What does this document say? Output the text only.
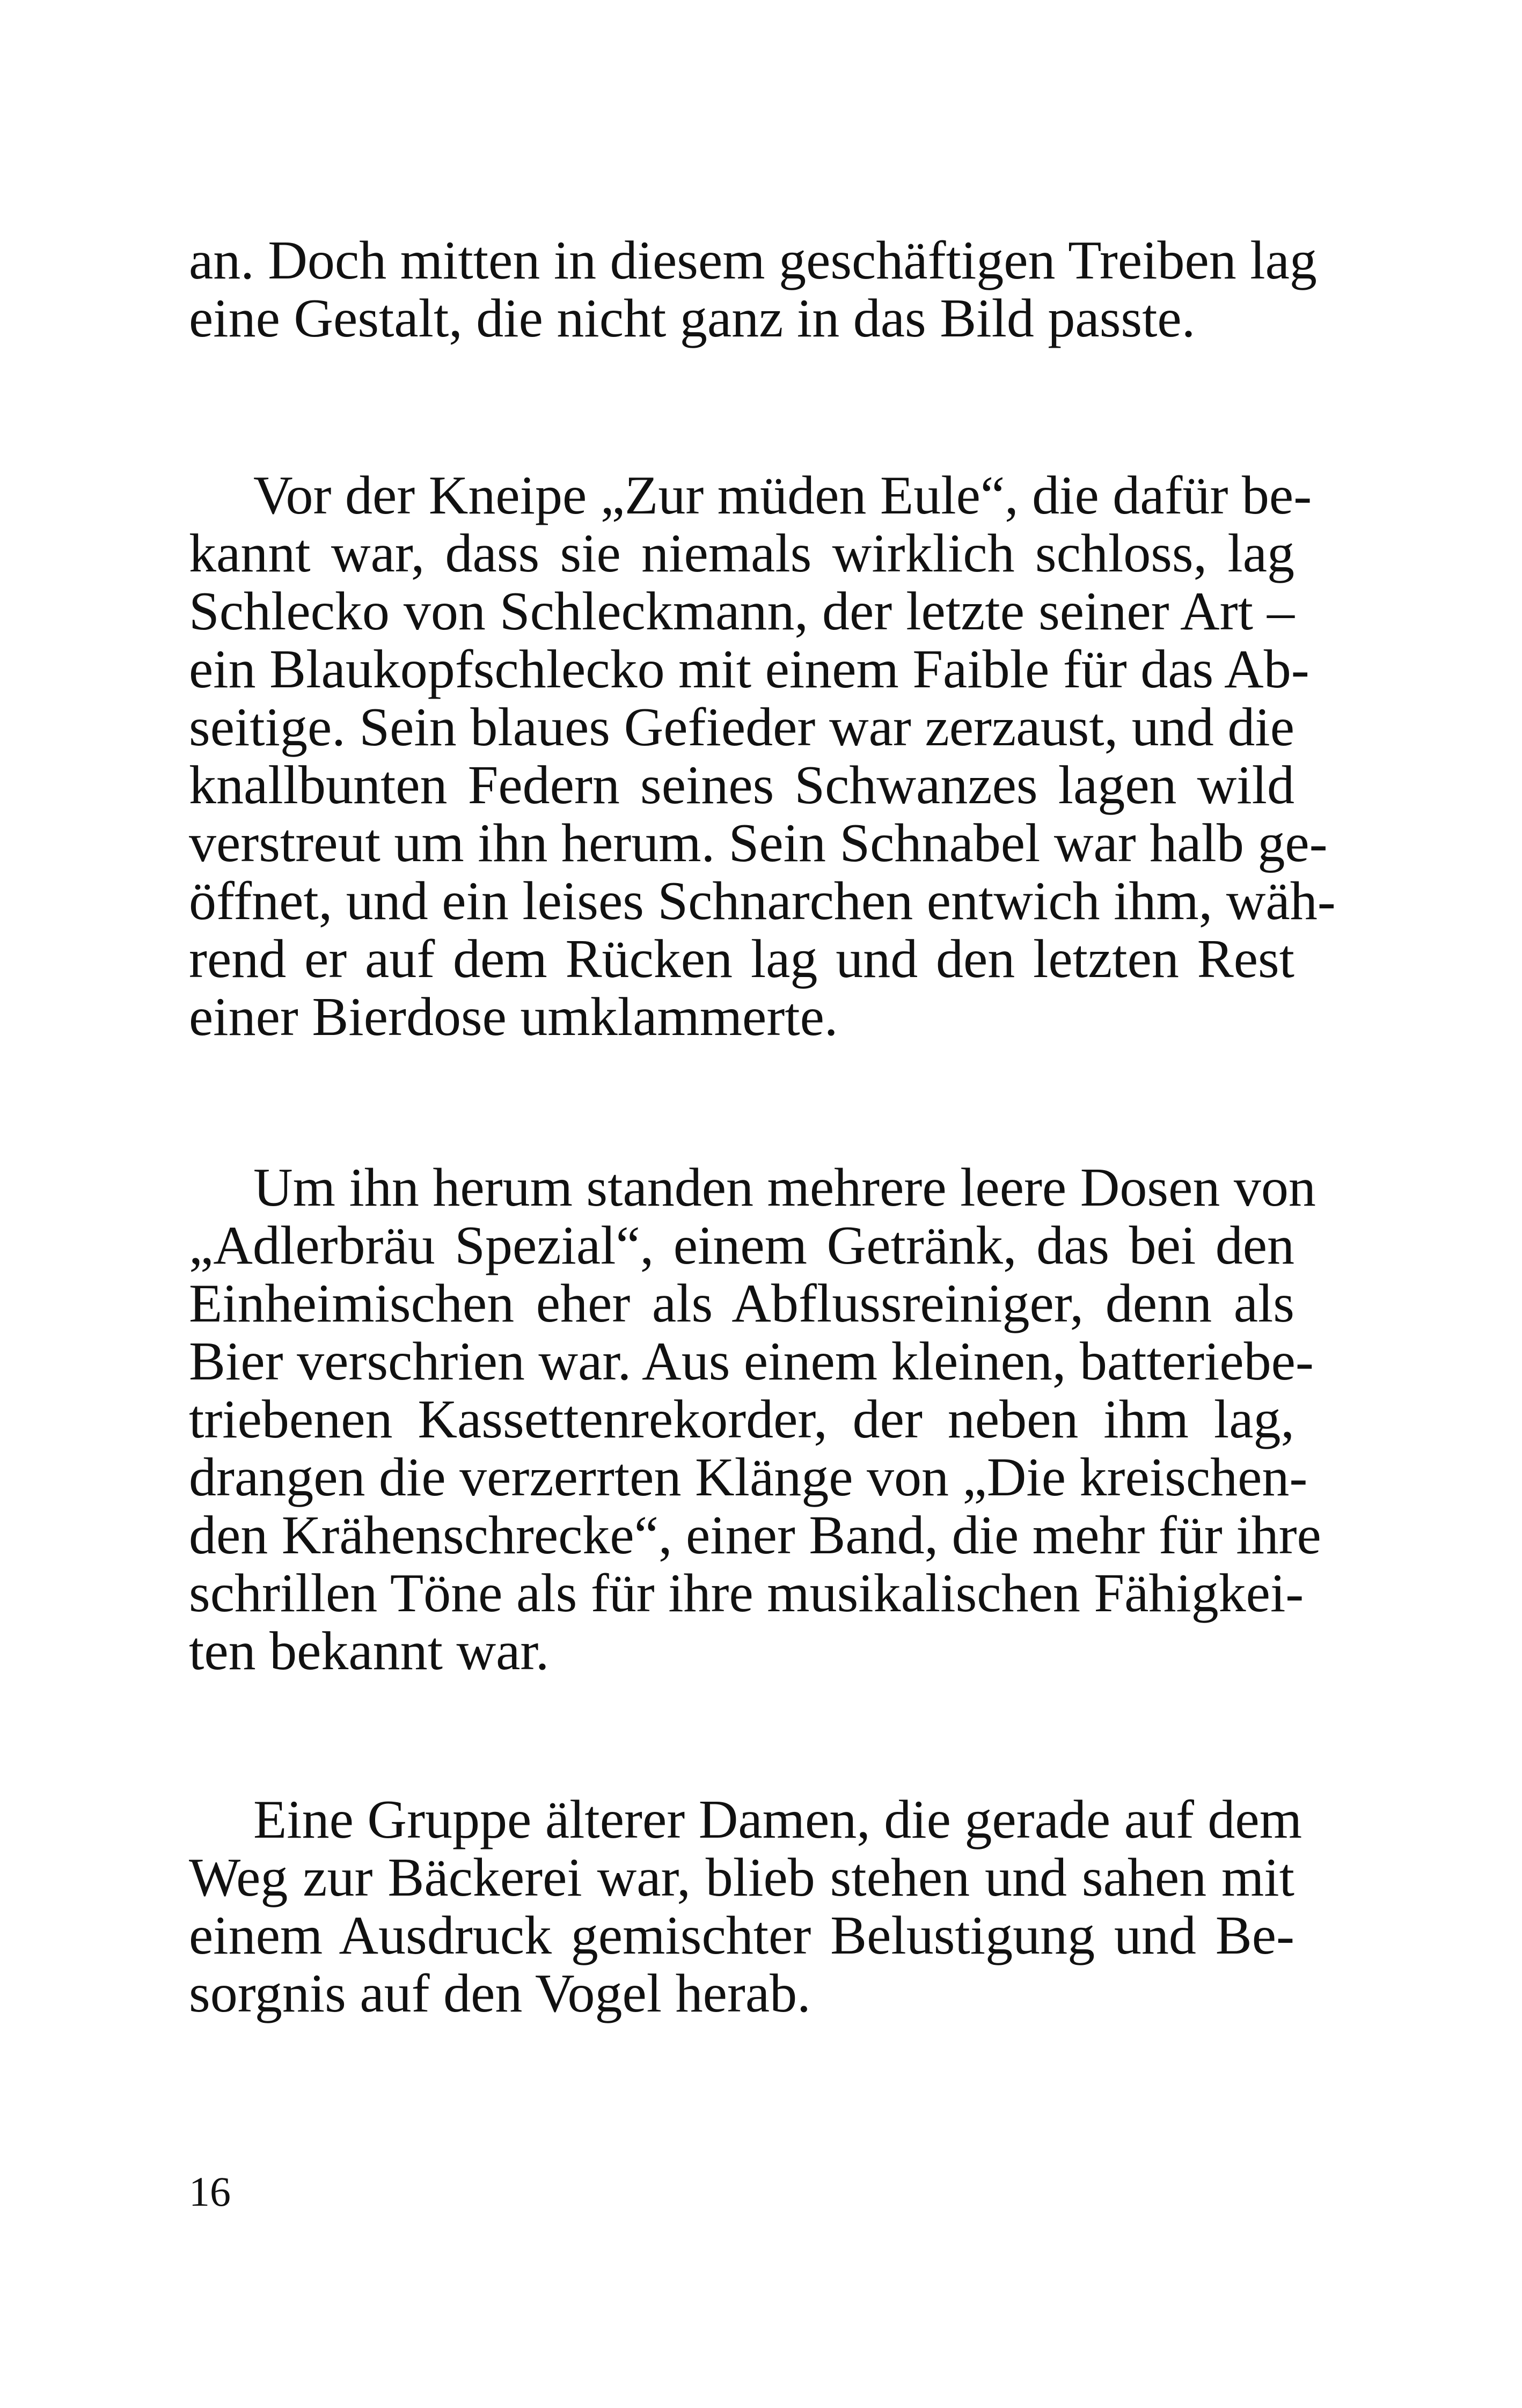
an. Doch mitten in diesem geschäftigen Treiben lag
eine Gestalt, die nicht ganz in das Bild passte.
Vor der Kneipe „Zur müden Eule“, die dafür be-
kannt war, dass sie niemals wirklich schloss, lag
Schlecko von Schleckmann, der letzte seiner Art –
ein Blaukopfschlecko mit einem Faible für das Ab-
seitige. Sein blaues Gefieder war zerzaust, und die
knallbunten Federn seines Schwanzes lagen wild
verstreut um ihn herum. Sein Schnabel war halb ge-
öffnet, und ein leises Schnarchen entwich ihm, wäh-
rend er auf dem Rücken lag und den letzten Rest
einer Bierdose umklammerte.
Um ihn herum standen mehrere leere Dosen von
„Adlerbräu Spezial“, einem Getränk, das bei den
Einheimischen eher als Abflussreiniger, denn als
Bier verschrien war. Aus einem kleinen, batteriebe-
triebenen Kassettenrekorder, der neben ihm lag,
drangen die verzerrten Klänge von „Die kreischen-
den Krähenschrecke“, einer Band, die mehr für ihre
schrillen Töne als für ihre musikalischen Fähigkei-
ten bekannt war.
Eine Gruppe älterer Damen, die gerade auf dem
Weg zur Bäckerei war, blieb stehen und sahen mit
einem Ausdruck gemischter Belustigung und Be-
sorgnis auf den Vogel herab.
16
